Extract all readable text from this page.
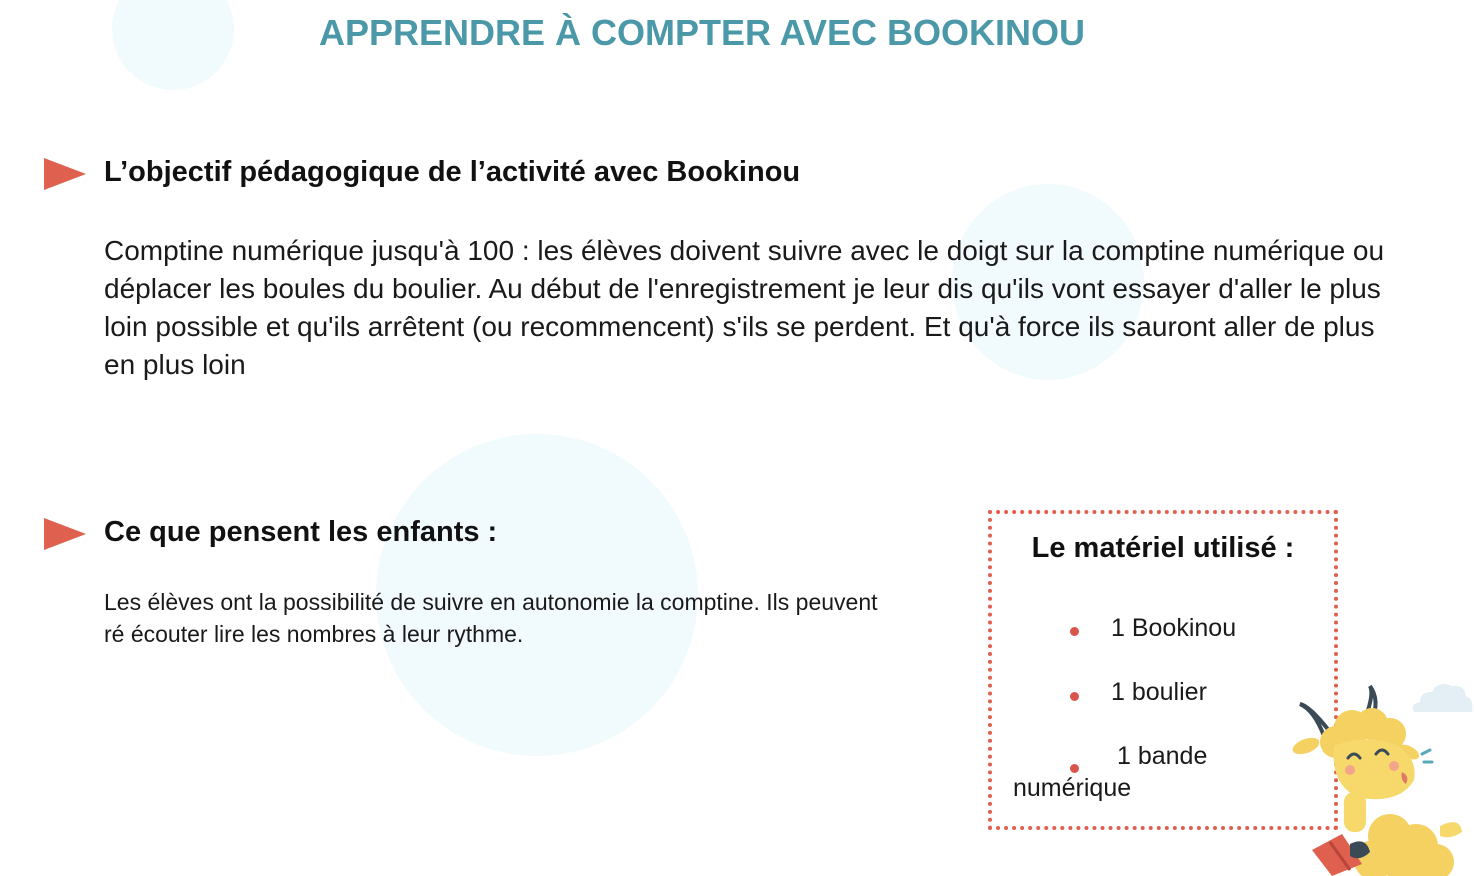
APPRENDRE À COMPTER AVEC BOOKINOU
L’objectif pédagogique de l’activité avec Bookinou

Comptine numérique jusqu'à 100 : les élèves doivent suivre avec le doigt sur la comptine numérique ou déplacer les boules du boulier. Au début de l'enregistrement je leur dis qu'ils vont essayer d'aller le plus loin possible et qu'ils arrêtent (ou recommencent) s'ils se perdent. Et qu'à force ils sauront aller de plus en plus loin

Ce que pensent les enfants :

Les élèves ont la possibilité de suivre en autonomie la comptine. Ils peuvent ré écouter lire les nombres à leur rythme.

Le matériel utilisé :
1 Bookinou
1 boulier
1 bande
numérique
